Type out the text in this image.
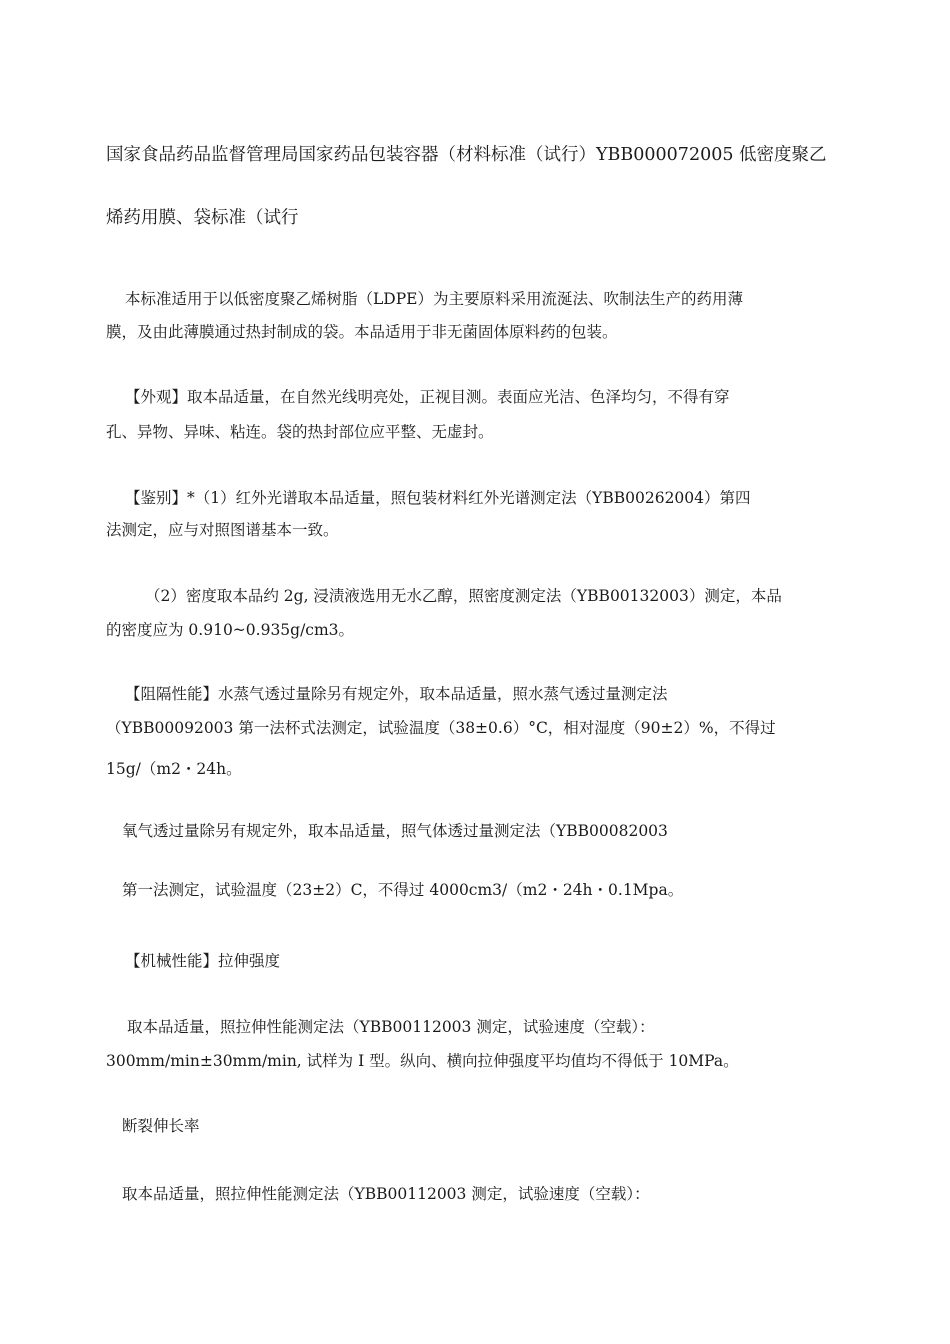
国家食品药品监督管理局国家药品包装容器（材料标准（试行）YBB000072005 低密度聚乙
烯药用膜、袋标准（试行
本标准适用于以低密度聚乙烯树脂（LDPE）为主要原料采用流涎法、吹制法生产的药用薄
膜，及由此薄膜通过热封制成的袋。本品适用于非无菌固体原料药的包装。
【外观】取本品适量，在自然光线明亮处，正视目测。表面应光洁、色泽均匀，不得有穿
孔、异物、异味、粘连。袋的热封部位应平整、无虚封。
【鉴别】*（1）红外光谱取本品适量，照包装材料红外光谱测定法（YBB00262004）第四
法测定，应与对照图谱基本一致。
（2）密度取本品约 2g, 浸渍液选用无水乙醇，照密度测定法（YBB00132003）测定，本品
的密度应为 0.910~0.935g/cm3。
【阻隔性能】水蒸气透过量除另有规定外，取本品适量，照水蒸气透过量测定法
（YBB00092003 第一法杯式法测定，试验温度（38±0.6）°C，相对湿度（90±2）%，不得过
15g/（m2・24h。
氧气透过量除另有规定外，取本品适量，照气体透过量测定法（YBB00082003
第一法测定，试验温度（23±2）C，不得过 4000cm3/（m2・24h・0.1Mpa。
【机械性能】拉伸强度
取本品适量，照拉伸性能测定法（YBB00112003 测定，试验速度（空载）：
300mm/min±30mm/min, 试样为 I 型。纵向、横向拉伸强度平均值均不得低于 10MPa。
断裂伸长率
取本品适量，照拉伸性能测定法（YBB00112003 测定，试验速度（空载）：
